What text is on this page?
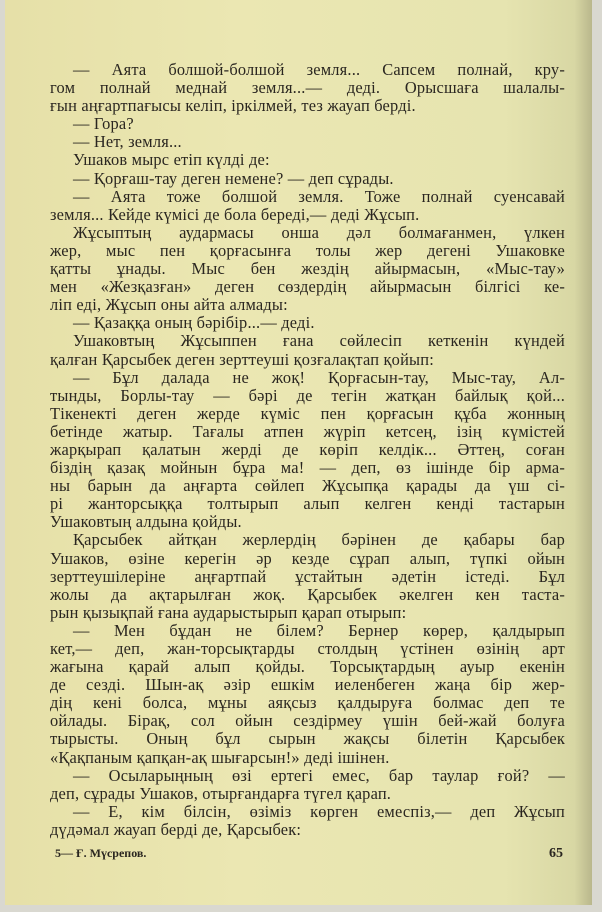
— Аята болшой-болшой земля... Сапсем полнай, кру-
гом полнай меднай земля...— деді. Орысшаға шалалы-
ғын аңғартпағысы келіп, іркілмей, тез жауап берді.
— Гора?
— Нет, земля...
Ушаков мырс етіп күлді де:
— Қорғаш-тау деген немене? — деп сұрады.
— Аята тоже болшой земля. Тоже полнай суенсавай
земля... Кейде күмісі де бола береді,— деді Жұсып.
Жұсыптың аудармасы онша дәл болмағанмен, үлкен
жер, мыс пен қорғасынға толы жер дегені Ушаковке
қатты ұнады. Мыс бен жездің айырмасын, «Мыс-тау»
мен «Жезқазған» деген сөздердің айырмасын білгісі ке-
ліп еді, Жұсып оны айта алмады:
— Қазаққа оның бәрібір...— деді.
Ушаковтың Жұсыппен ғана сөйлесіп кеткенін күндей
қалған Қарсыбек деген зерттеуші қозғалақтап қойып:
— Бұл далада не жоқ! Қорғасын-тау, Мыс-тау, Ал-
тынды, Борлы-тау — бәрі де тегін жатқан байлық қой...
Тікенекті деген жерде күміс пен қорғасын құба жонның
бетінде жатыр. Тағалы атпен жүріп кетсең, ізің күмістей
жарқырап қалатын жерді де көріп келдік... Әттең, соған
біздің қазақ мойнын бұра ма! — деп, өз ішінде бір арма-
ны барын да аңғарта сөйлеп Жұсыпқа қарады да үш сі-
рі жанторсыққа толтырып алып келген кенді тастарын
Ушаковтың алдына қойды.
Қарсыбек айтқан жерлердің бәрінен де қабары бар
Ушаков, өзіне керегін әр кезде сұрап алып, түпкі ойын
зерттеушілеріне аңғартпай ұстайтын әдетін істеді. Бұл
жолы да ақтарылған жоқ. Қарсыбек әкелген кен таста-
рын қызықпай ғана аударыстырып қарап отырып:
— Мен бұдан не білем? Бернер көрер, қалдырып
кет,— деп, жан-торсықтарды столдың үстінен өзінің арт
жағына қарай алып қойды. Торсықтардың ауыр екенін
де сезді. Шын-ақ әзір ешкім иеленбеген жаңа бір жер-
дің кені болса, мұны аяқсыз қалдыруға болмас деп те
ойлады. Бірақ, сол ойын сездірмеу үшін бей-жай болуға
тырысты. Оның бұл сырын жақсы білетін Қарсыбек
«Қақпаным қапқан-ақ шығарсын!» деді ішінен.
— Осыларыңның өзі ертегі емес, бар таулар ғой? —
деп, сұрады Ушаков, отырғандарға түгел қарап.
— Е, кім білсін, өзіміз көрген емеспіз,— деп Жұсып
дүдәмал жауап берді де, Қарсыбек:
5— Ғ. Мүсрепов.	65
